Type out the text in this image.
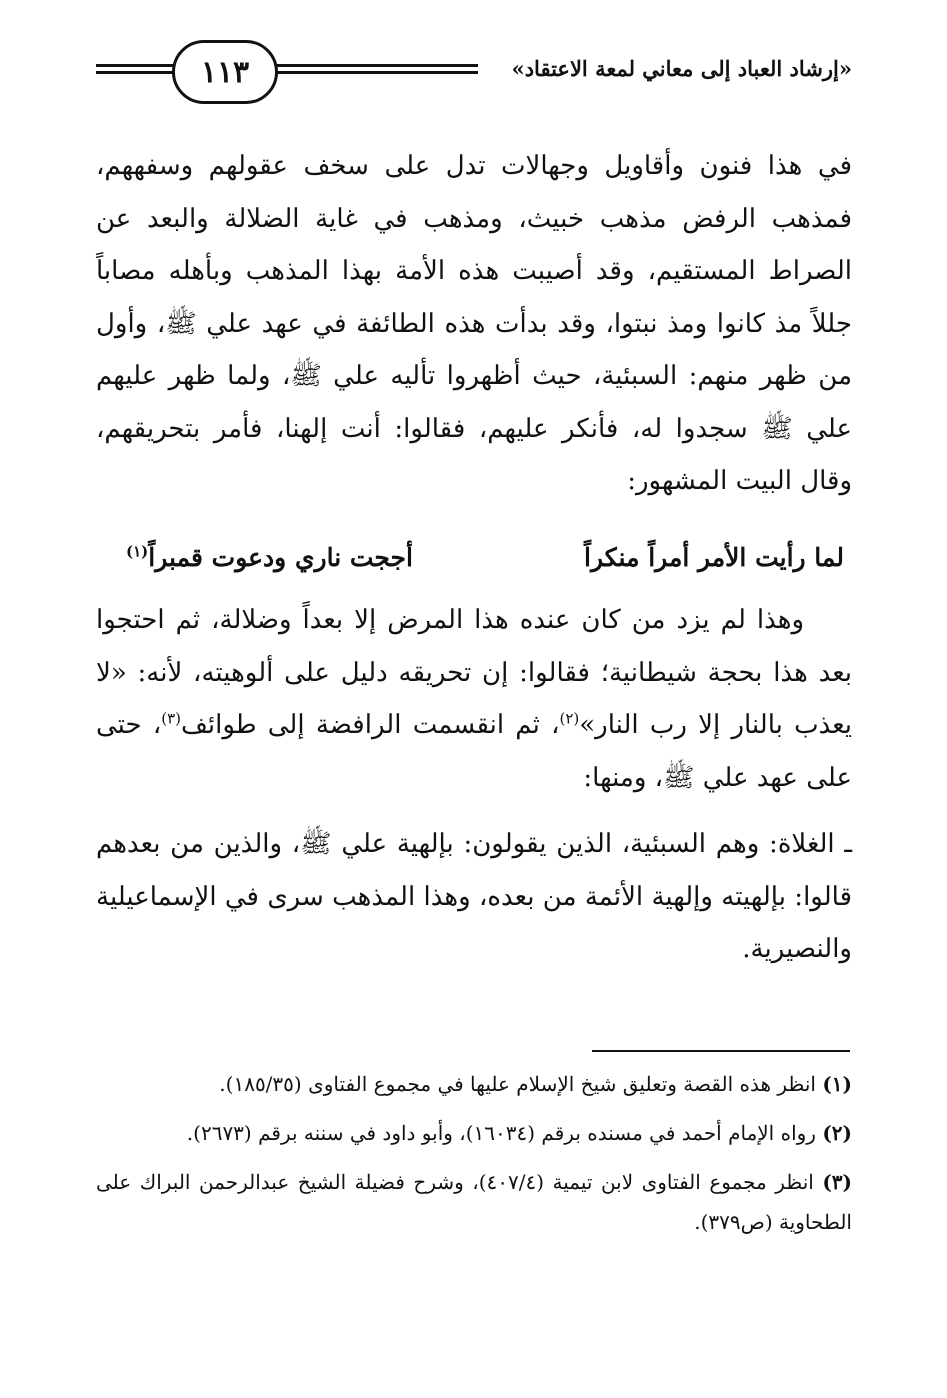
«إرشاد العباد إلى معاني لمعة الاعتقاد»
١١٣

في هذا فنون وأقاويل وجهالات تدل على سخف عقولهم وسفههم، فمذهب الرفض مذهب خبيث، ومذهب في غاية الضلالة والبعد عن الصراط المستقيم، وقد أصيبت هذه الأمة بهذا المذهب وبأهله مصاباً جللاً مذ كانوا ومذ نبتوا، وقد بدأت هذه الطائفة في عهد علي ﷺ، وأول من ظهر منهم: السبئية، حيث أظهروا تأليه علي ﷺ، ولما ظهر عليهم علي ﷺ سجدوا له، فأنكر عليهم، فقالوا: أنت إلهنا، فأمر بتحريقهم، وقال البيت المشهور:

لما رأيت الأمر أمراً منكراً
أججت ناري ودعوت قمبراً$^{(١)}$

وهذا لم يزد من كان عنده هذا المرض إلا بعداً وضلالة، ثم احتجوا بعد هذا بحجة شيطانية؛ فقالوا: إن تحريقه دليل على ألوهيته، لأنه: «لا يعذب بالنار إلا رب النار»$^{(٢)}$، ثم انقسمت الرافضة إلى طوائف$^{(٣)}$، حتى على عهد علي ﷺ، ومنها:

ـ الغلاة: وهم السبئية، الذين يقولون: بإلهية علي ﷺ، والذين من بعدهم قالوا: بإلهيته وإلهية الأئمة من بعده، وهذا المذهب سرى في الإسماعيلية والنصيرية.

(١) انظر هذه القصة وتعليق شيخ الإسلام عليها في مجموع الفتاوى (١٨٥/٣٥).

(٢) رواه الإمام أحمد في مسنده برقم (١٦٠٣٤)، وأبو داود في سننه برقم (٢٦٧٣).

(٣) انظر مجموع الفتاوى لابن تيمية (٤٠٧/٤)، وشرح فضيلة الشيخ عبدالرحمن البراك على الطحاوية (ص٣٧٩).
